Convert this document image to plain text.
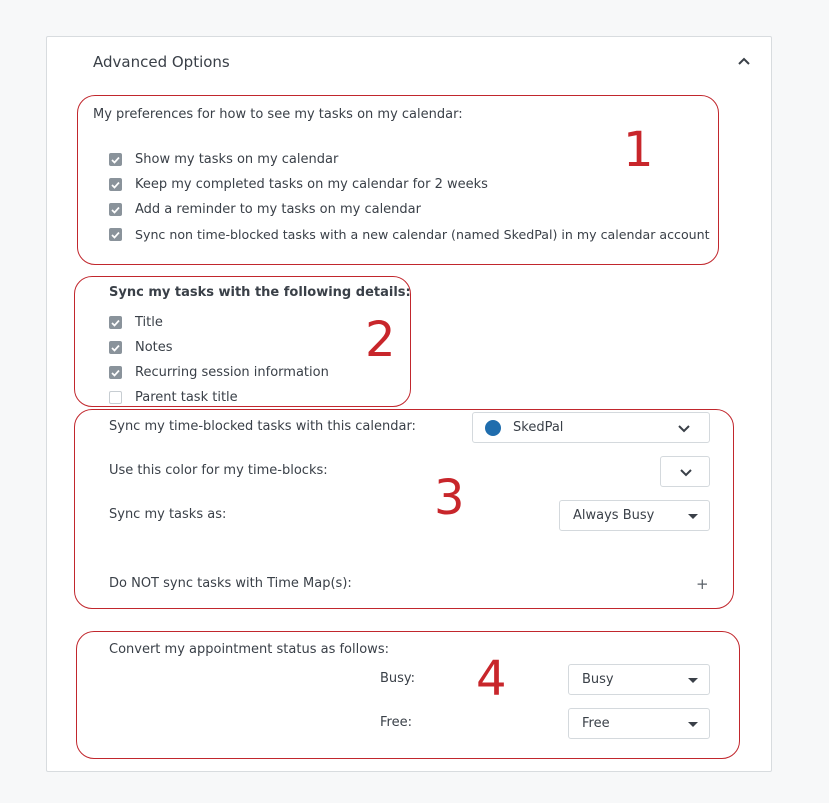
Advanced Options
1
My preferences for how to see my tasks on my calendar:
Show my tasks on my calendar
Keep my completed tasks on my calendar for 2 weeks
Add a reminder to my tasks on my calendar
Sync non time-blocked tasks with a new calendar (named SkedPal) in my calendar account
2
Sync my tasks with the following details:
Title
Notes
Recurring session information
Parent task title
3
Sync my time-blocked tasks with this calendar:	SkedPal
Use this color for my time-blocks:
Sync my tasks as:	Always Busy
Do NOT sync tasks with Time Map(s):	+
4
Convert my appointment status as follows:
Busy:	Busy
Free:	Free
